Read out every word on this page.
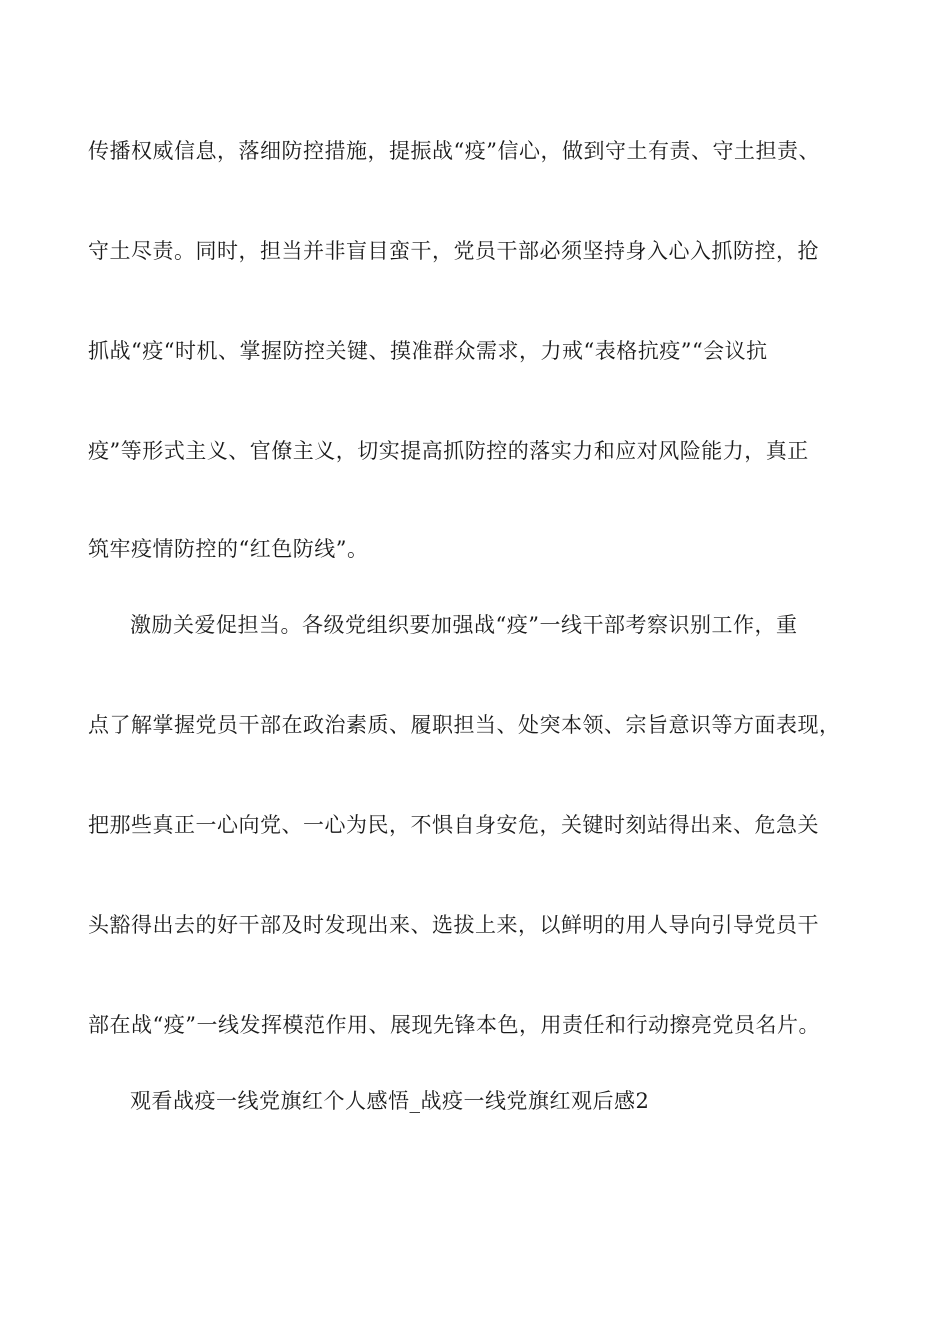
传播权威信息，落细防控措施，提振战“疫”信心，做到守土有责、守土担责、
守土尽责。同时，担当并非盲目蛮干，党员干部必须坚持身入心入抓防控，抢
抓战“疫“时机、掌握防控关键、摸准群众需求，力戒“表格抗疫”“会议抗
疫”等形式主义、官僚主义，切实提高抓防控的落实力和应对风险能力，真正
筑牢疫情防控的“红色防线”。
激励关爱促担当。各级党组织要加强战“疫”一线干部考察识别工作，重
点了解掌握党员干部在政治素质、履职担当、处突本领、宗旨意识等方面表现，
把那些真正一心向党、一心为民，不惧自身安危，关键时刻站得出来、危急关
头豁得出去的好干部及时发现出来、选拔上来，以鲜明的用人导向引导党员干
部在战“疫”一线发挥模范作用、展现先锋本色，用责任和行动擦亮党员名片。
观看战疫一线党旗红个人感悟_战疫一线党旗红观后感2
